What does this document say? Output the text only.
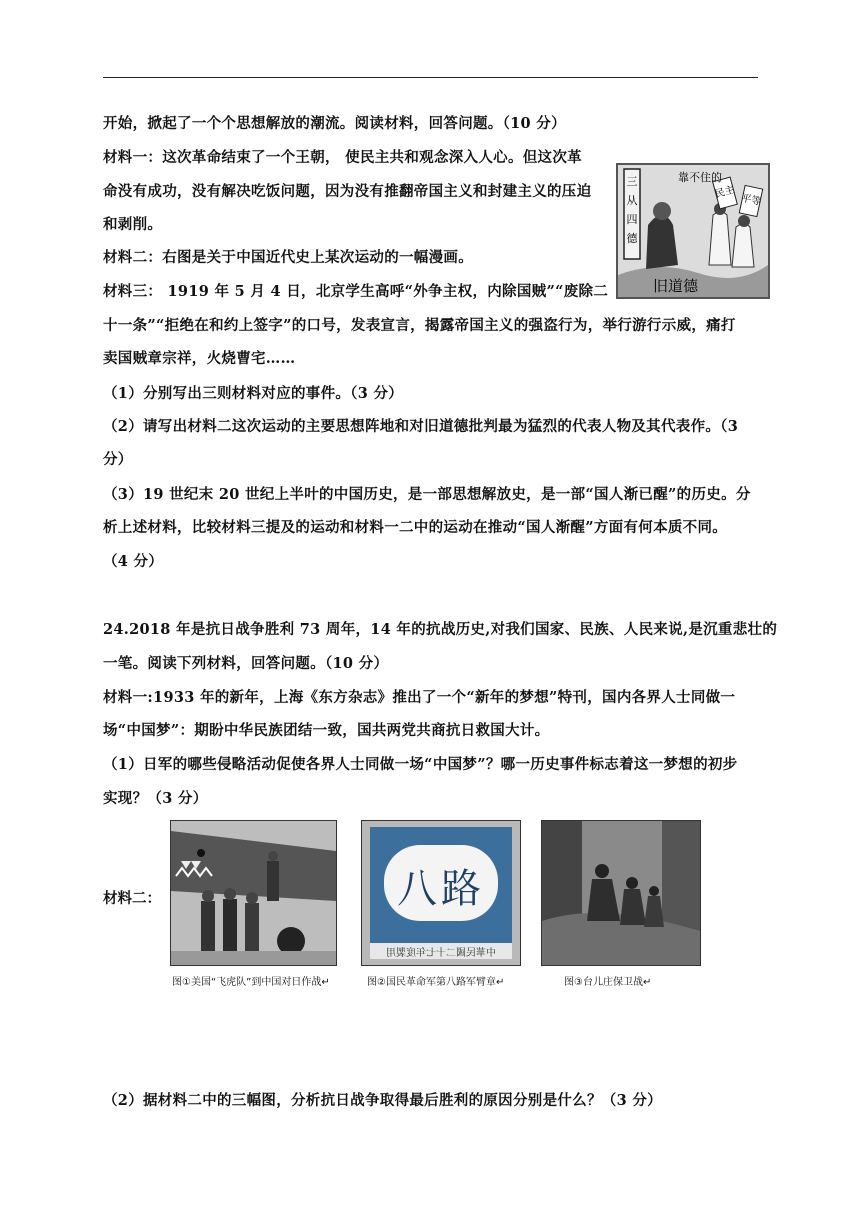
开始，掀起了一个个思想解放的潮流。阅读材料，回答问题。（10 分）
材料一：这次革命结束了一个王朝， 使民主共和观念深入人心。但这次革
命没有成功，没有解决吃饭问题，因为没有推翻帝国主义和封建主义的压迫
和剥削。
材料二：右图是关于中国近代史上某次运动的一幅漫画。
材料三： 1919 年 5 月 4 日，北京学生高呼“外争主权，内除国贼”“废除二
十一条”“拒绝在和约上签字”的口号，发表宣言，揭露帝国主义的强盗行为，举行游行示威，痛打
卖国贼章宗祥，火烧曹宅……
（1）分别写出三则材料对应的事件。（3 分）
（2）请写出材料二这次运动的主要思想阵地和对旧道德批判最为猛烈的代表人物及其代表作。（3
分）
（3）19 世纪末 20 世纪上半叶的中国历史，是一部思想解放史，是一部“国人渐已醒”的历史。分
析上述材料，比较材料三提及的运动和材料一二中的运动在推动“国人渐醒”方面有何本质不同。
（4 分）
三
民主
平等
靠不住的
旧道德
从
四
德
24.2018 年是抗日战争胜利 73 周年，14 年的抗战历史,对我们国家、民族、人民来说,是沉重悲壮的
一笔。阅读下列材料，回答问题。（10 分）
材料一:1933 年的新年，上海《东方杂志》推出了一个“新年的梦想”特刊，国内各界人士同做一
场“中国梦”：期盼中华民族团结一致，国共两党共商抗日救国大计。
（1）日军的哪些侵略活动促使各界人士同做一场“中国梦”？哪一历史事件标志着这一梦想的初步
实现？（3 分）
材料二：	八路
中華民國二十七年度製用
图①美国“飞虎队”到中国对日作战↵	图②国民革命军第八路军臂章↵	图③台儿庄保卫战↵
（2）据材料二中的三幅图，分析抗日战争取得最后胜利的原因分别是什么？（3 分）
